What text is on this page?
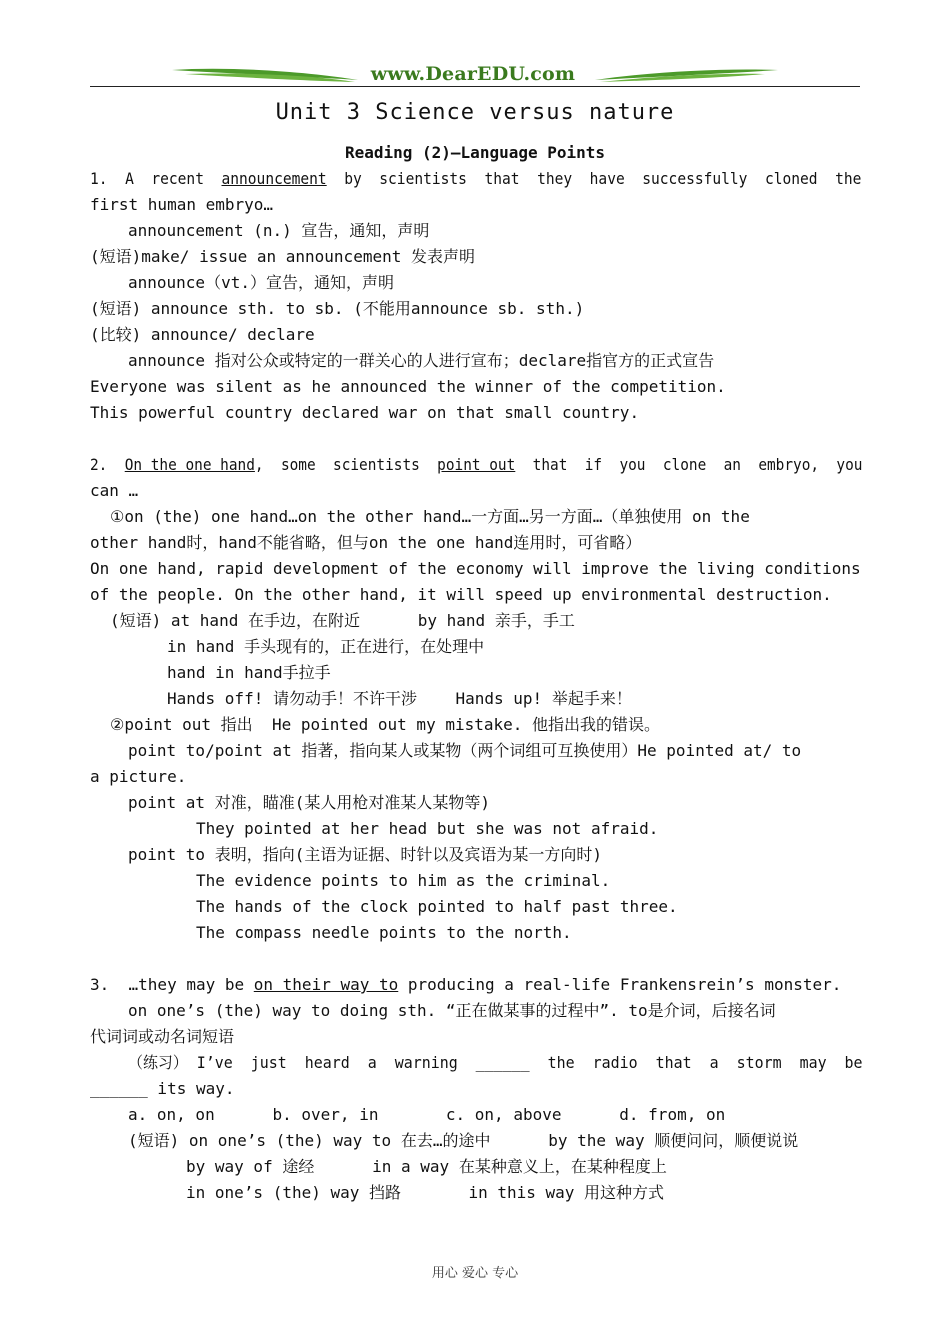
www.DearEDU.com
Unit 3 Science versus nature
Reading (2)—Language Points
1.  A  recent  announcement  by  scientists  that  they  have  successfully  cloned  the
first human embryo…
announcement (n.) 宣告，通知，声明
(短语)make/ issue an announcement 发表声明
announce（vt.）宣告，通知，声明
(短语) announce sth. to sb. (不能用announce sb. sth.)
(比较) announce/ declare
announce 指对公众或特定的一群关心的人进行宣布；declare指官方的正式宣告
Everyone was silent as he announced the winner of the competition.
This powerful country declared war on that small country.
2.  On the one hand,  some  scientists  point out  that  if  you  clone  an  embryo,  you
can …
①on (the) one hand…on the other hand…一方面…另一方面…（单独使用 on the
other hand时，hand不能省略，但与on the one hand连用时，可省略）
On one hand, rapid development of the economy will improve the living conditions
of the people. On the other hand, it will speed up environmental destruction.
(短语) at hand 在手边，在附近      by hand 亲手，手工
in hand 手头现有的，正在进行，在处理中
hand in hand手拉手
Hands off! 请勿动手！不许干涉    Hands up! 举起手来！
②point out 指出  He pointed out my mistake. 他指出我的错误。
point to/point at 指著，指向某人或某物（两个词组可互换使用）He pointed at/ to
a picture.
point at 对准，瞄准(某人用枪对准某人某物等)
They pointed at her head but she was not afraid.
point to 表明，指向(主语为证据、时针以及宾语为某一方向时)
The evidence points to him as the criminal.
The hands of the clock pointed to half past three.
The compass needle points to the north.
3.  …they may be on their way to producing a real-life Frankensrein’s monster.
on one’s (the) way to doing sth. “正在做某事的过程中”. to是介词，后接名词
代词词或动名词短语
（练习） I’ve  just  heard  a  warning  ______  the  radio  that  a  storm  may  be
______ its way.
a. on, on      b. over, in       c. on, above      d. from, on
(短语) on one’s (the) way to 在去…的途中      by the way 顺便问问，顺便说说
by way of 途经      in a way 在某种意义上，在某种程度上
in one’s (the) way 挡路       in this way 用这种方式
用心 爱心 专心
